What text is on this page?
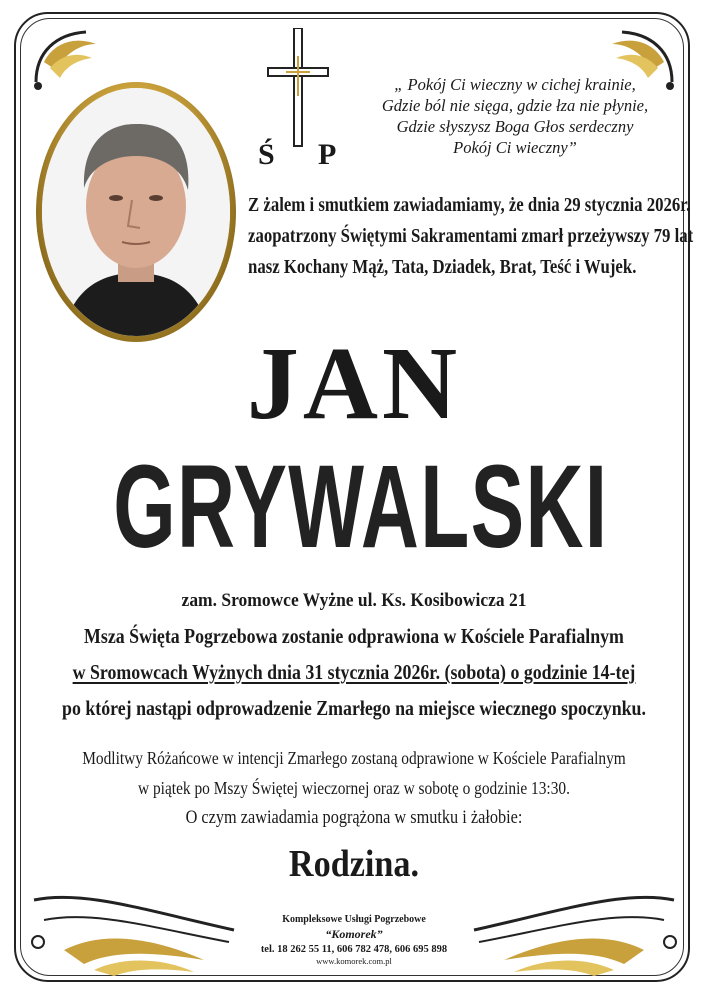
Ś P
„ Pokój Ci wieczny w cichej krainie,
Gdzie ból nie sięga, gdzie łza nie płynie,
Gdzie słyszysz Boga Głos serdeczny
Pokój Ci wieczny”
Z żalem i smutkiem zawiadamiamy, że dnia 29 stycznia 2026r.
zaopatrzony Świętymi Sakramentami zmarł przeżywszy 79 lat
nasz Kochany Mąż, Tata, Dziadek, Brat, Teść i Wujek.
JAN
GRYWALSKI
zam. Sromowce Wyżne ul. Ks. Kosibowicza 21
Msza Święta Pogrzebowa zostanie odprawiona w Kościele Parafialnym
w Sromowcach Wyżnych dnia 31 stycznia 2026r. (sobota) o godzinie 14-tej
po której nastąpi odprowadzenie Zmarłego na miejsce wiecznego spoczynku.
Modlitwy Różańcowe w intencji Zmarłego zostaną odprawione w Kościele Parafialnym
w piątek po Mszy Świętej wieczornej oraz w sobotę o godzinie 13:30.
O czym zawiadamia pogrążona w smutku i żałobie:
Rodzina.
Kompleksowe Usługi Pogrzebowe
“Komorek”
tel. 18 262 55 11, 606 782 478, 606 695 898
www.komorek.com.pl
